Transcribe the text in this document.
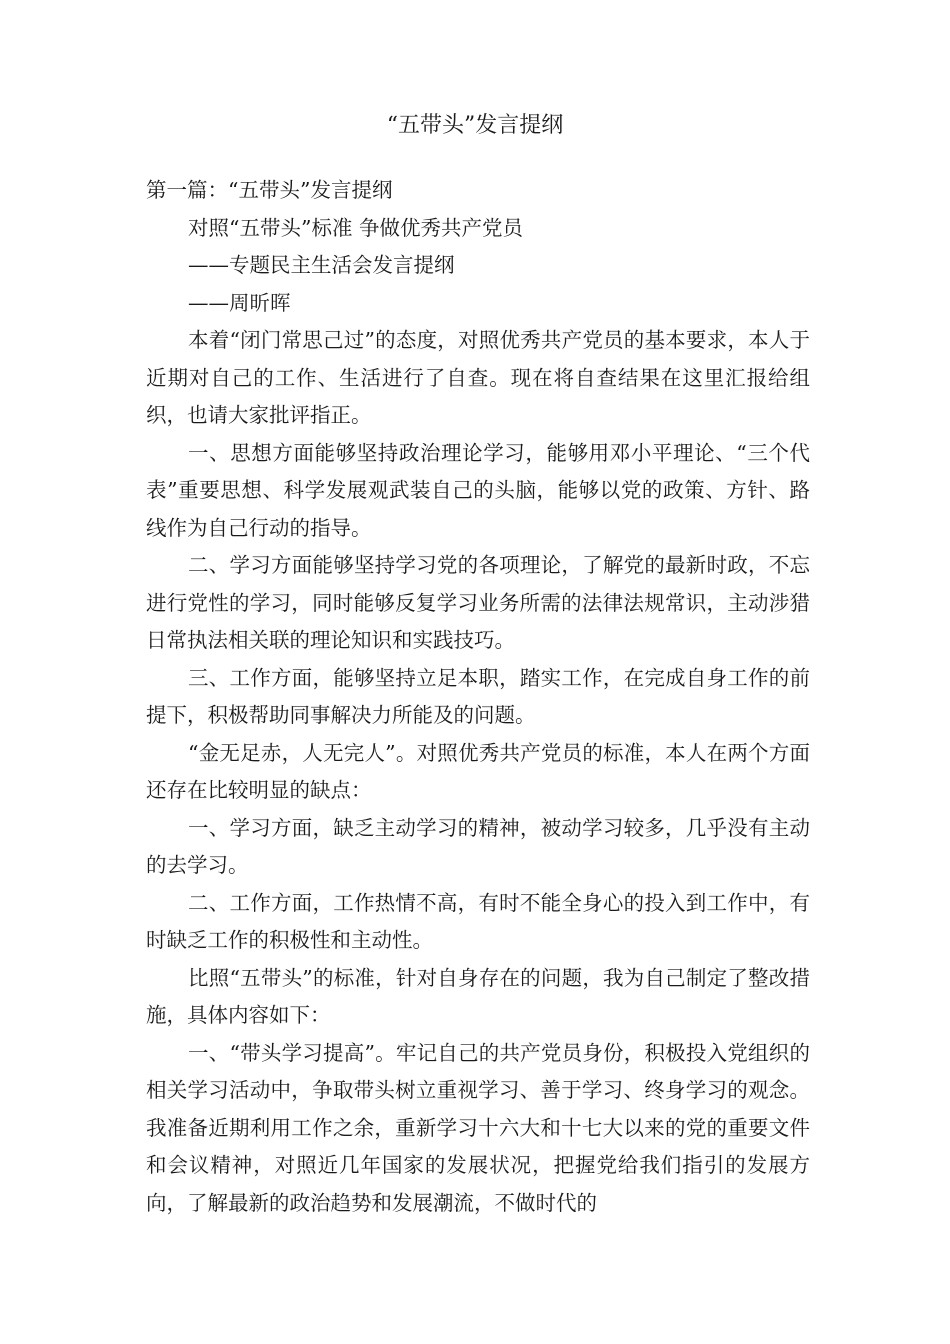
“五带头”发言提纲

第一篇：“五带头”发言提纲

对照“五带头”标准 争做优秀共产党员

——专题民主生活会发言提纲

——周昕晖

本着“闭门常思己过”的态度，对照优秀共产党员的基本要求，本人于近期对自己的工作、生活进行了自查。现在将自查结果在这里汇报给组织，也请大家批评指正。

一、思想方面能够坚持政治理论学习，能够用邓小平理论、“三个代表”重要思想、科学发展观武装自己的头脑，能够以党的政策、方针、路线作为自己行动的指导。

二、学习方面能够坚持学习党的各项理论，了解党的最新时政，不忘进行党性的学习，同时能够反复学习业务所需的法律法规常识，主动涉猎日常执法相关联的理论知识和实践技巧。

三、工作方面，能够坚持立足本职，踏实工作，在完成自身工作的前提下，积极帮助同事解决力所能及的问题。

“金无足赤，人无完人”。对照优秀共产党员的标准，本人在两个方面还存在比较明显的缺点：

一、学习方面，缺乏主动学习的精神，被动学习较多，几乎没有主动的去学习。

二、工作方面，工作热情不高，有时不能全身心的投入到工作中，有时缺乏工作的积极性和主动性。

比照“五带头”的标准，针对自身存在的问题，我为自己制定了整改措施，具体内容如下：

一、“带头学习提高”。牢记自己的共产党员身份，积极投入党组织的相关学习活动中，争取带头树立重视学习、善于学习、终身学习的观念。我准备近期利用工作之余，重新学习十六大和十七大以来的党的重要文件和会议精神，对照近几年国家的发展状况，把握党给我们指引的发展方向，了解最新的政治趋势和发展潮流，不做时代的
